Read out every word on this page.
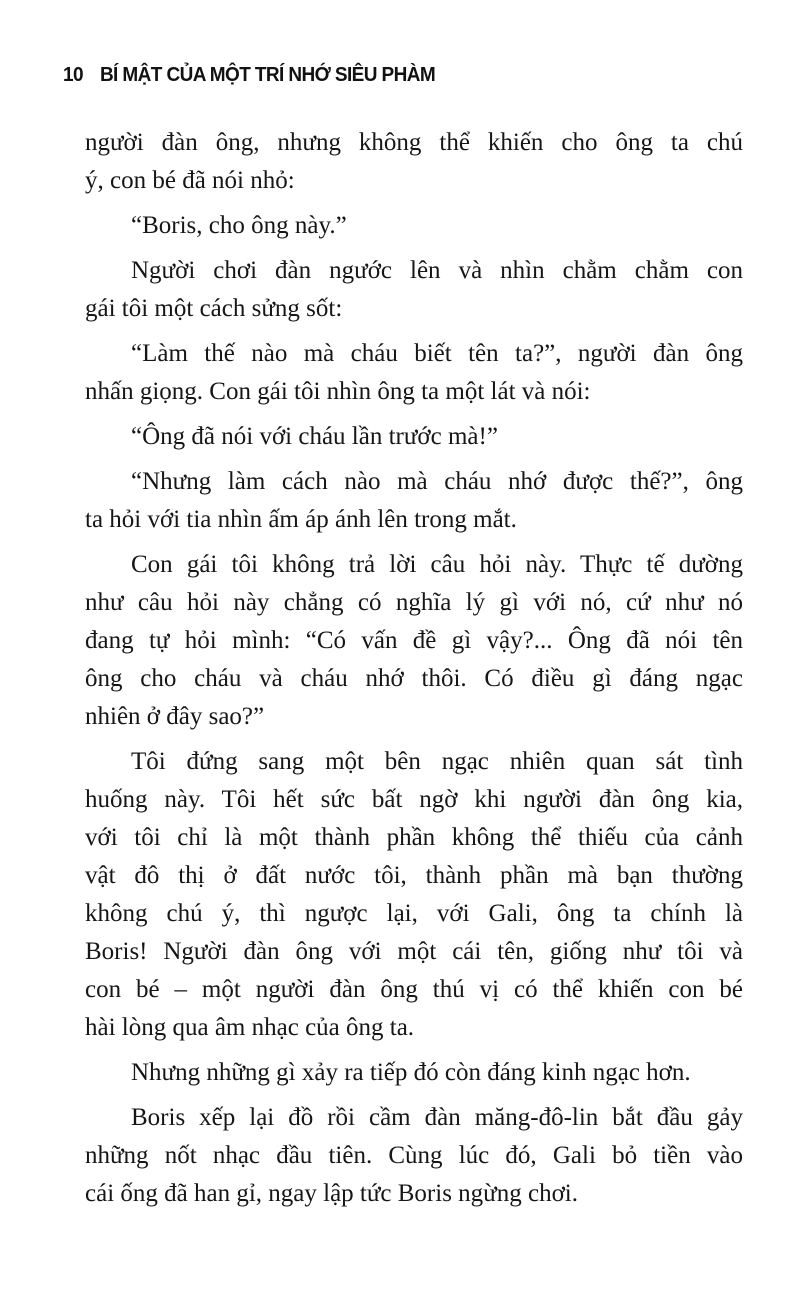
10 BÍ MẬT CỦA MỘT TRÍ NHỚ SIÊU PHÀM

người đàn ông, nhưng không thể khiến cho ông ta chú
ý, con bé đã nói nhỏ:

“Boris, cho ông này.”

Người chơi đàn ngước lên và nhìn chằm chằm con
gái tôi một cách sửng sốt:

“Làm thế nào mà cháu biết tên ta?”, người đàn ông
nhấn giọng. Con gái tôi nhìn ông ta một lát và nói:

“Ông đã nói với cháu lần trước mà!”

“Nhưng làm cách nào mà cháu nhớ được thế?”, ông
ta hỏi với tia nhìn ấm áp ánh lên trong mắt.

Con gái tôi không trả lời câu hỏi này. Thực tế dường
như câu hỏi này chẳng có nghĩa lý gì với nó, cứ như nó
đang tự hỏi mình: “Có vấn đề gì vậy?... Ông đã nói tên
ông cho cháu và cháu nhớ thôi. Có điều gì đáng ngạc
nhiên ở đây sao?”

Tôi đứng sang một bên ngạc nhiên quan sát tình
huống này. Tôi hết sức bất ngờ khi người đàn ông kia,
với tôi chỉ là một thành phần không thể thiếu của cảnh
vật đô thị ở đất nước tôi, thành phần mà bạn thường
không chú ý, thì ngược lại, với Gali, ông ta chính là
Boris! Người đàn ông với một cái tên, giống như tôi và
con bé – một người đàn ông thú vị có thể khiến con bé
hài lòng qua âm nhạc của ông ta.

Nhưng những gì xảy ra tiếp đó còn đáng kinh ngạc hơn.

Boris xếp lại đồ rồi cầm đàn măng-đô-lin bắt đầu gảy
những nốt nhạc đầu tiên. Cùng lúc đó, Gali bỏ tiền vào
cái ống đã han gỉ, ngay lập tức Boris ngừng chơi.
